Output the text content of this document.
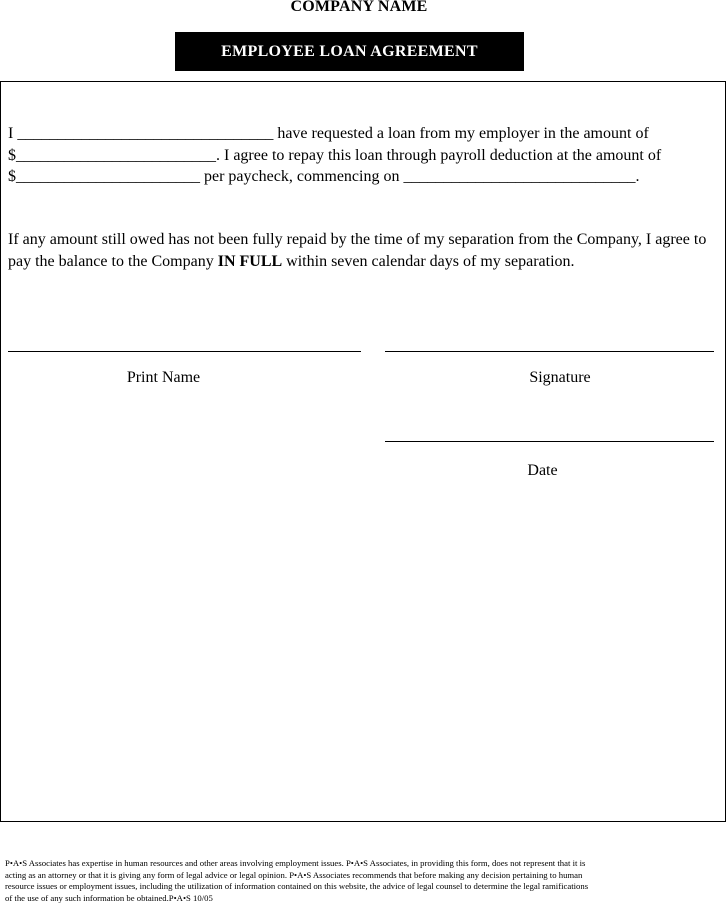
COMPANY NAME
EMPLOYEE LOAN AGREEMENT

I ________________________________ have requested a loan from my employer in the amount of $_________________________. I agree to repay this loan through payroll deduction at the amount of $_______________________ per paycheck, commencing on _____________________________.

If any amount still owed has not been fully repaid by the time of my separation from the Company, I agree to pay the balance to the Company IN FULL within seven calendar days of my separation.

Print Name	Signature
Date

P•A•S Associates has expertise in human resources and other areas involving employment issues. P•A•S Associates, in providing this form, does not represent that it is
acting as an attorney or that it is giving any form of legal advice or legal opinion. P•A•S Associates recommends that before making any decision pertaining to human
resource issues or employment issues, including the utilization of information contained on this website, the advice of legal counsel to determine the legal ramifications
of the use of any such information be obtained.P•A•S 10/05
